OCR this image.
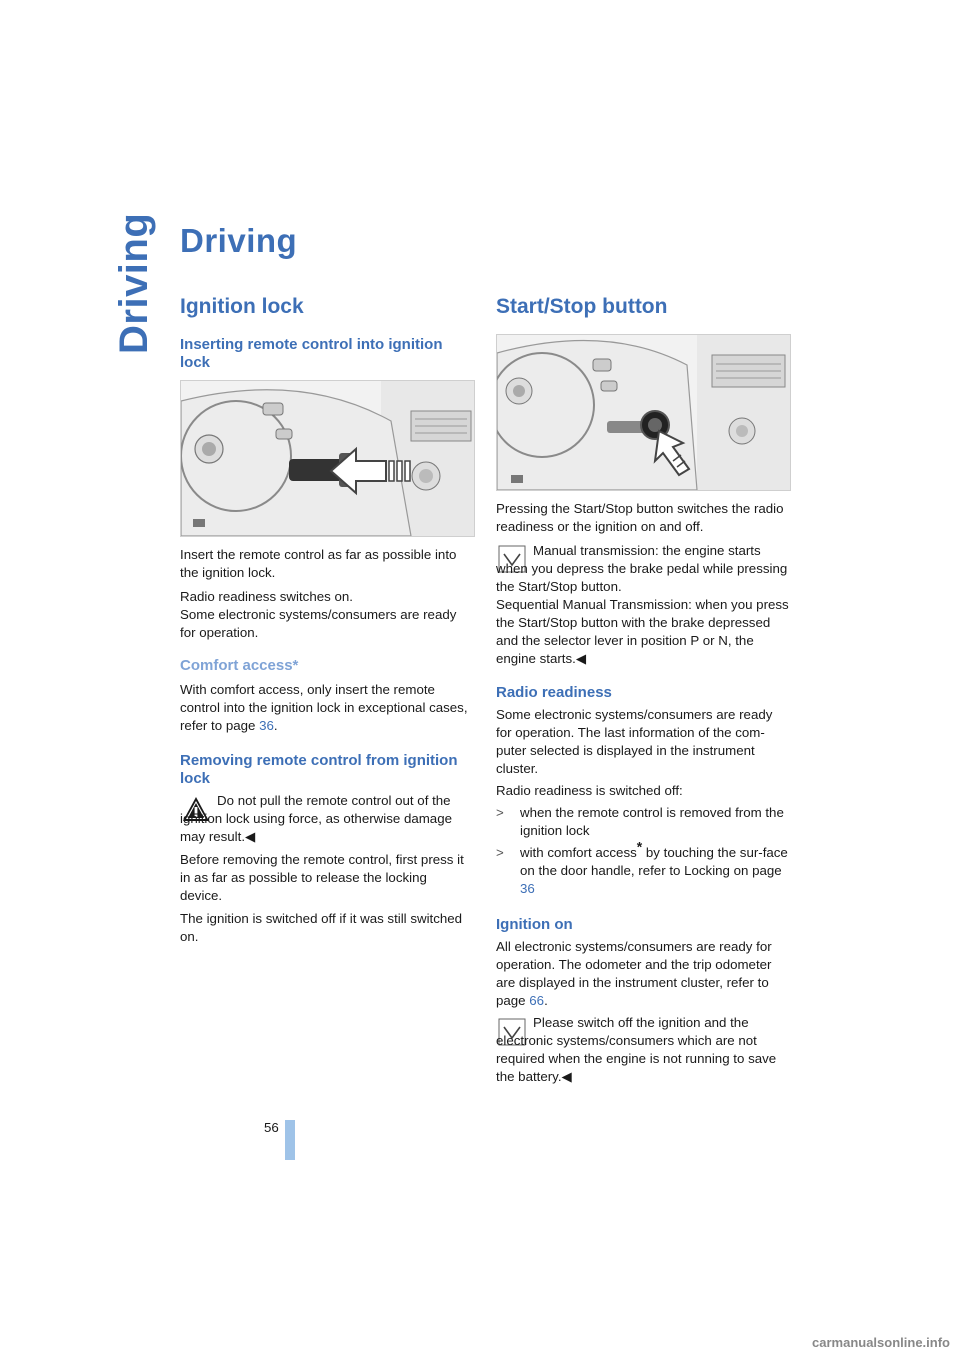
Driving Driving
Ignition lock
Inserting remote control into ignition lock
Insert the remote control as far as possible into the ignition lock.

Radio readiness switches on.

Some electronic systems/consumers are ready for operation.

Comfort access*
With comfort access, only insert the remote control into the ignition lock in exceptional cases, refer to page 36.
Removing remote control from ignition lock
Do not pull the remote control out of the ignition lock using force, as otherwise damage may result.◀
Before removing the remote control, first press it in as far as possible to release the locking device.
The ignition is switched off if it was still switched on.
Start/Stop button
Pressing the Start/Stop button switches the radio readiness or the ignition on and off.

Manual transmission: the engine starts when you depress the brake pedal while pressing the Start/Stop button.

Sequential Manual Transmission: when you press the Start/Stop button with the brake depressed and the selector lever in position P or N, the engine starts.◀

Radio readiness
Some electronic systems/consumers are ready for operation. The last information of the com-puter selected is displayed in the instrument cluster.
Radio readiness is switched off:
> when the remote control is removed from the ignition lock
> with comfort access* by touching the sur-face on the door handle, refer to Locking on page 36
Ignition on
All electronic systems/consumers are ready for operation. The odometer and the trip odometer are displayed in the instrument cluster, refer to page 66.
Please switch off the ignition and the electronic systems/consumers which are not required when the engine is not running to save the battery.◀
56
carmanualsonline.info
